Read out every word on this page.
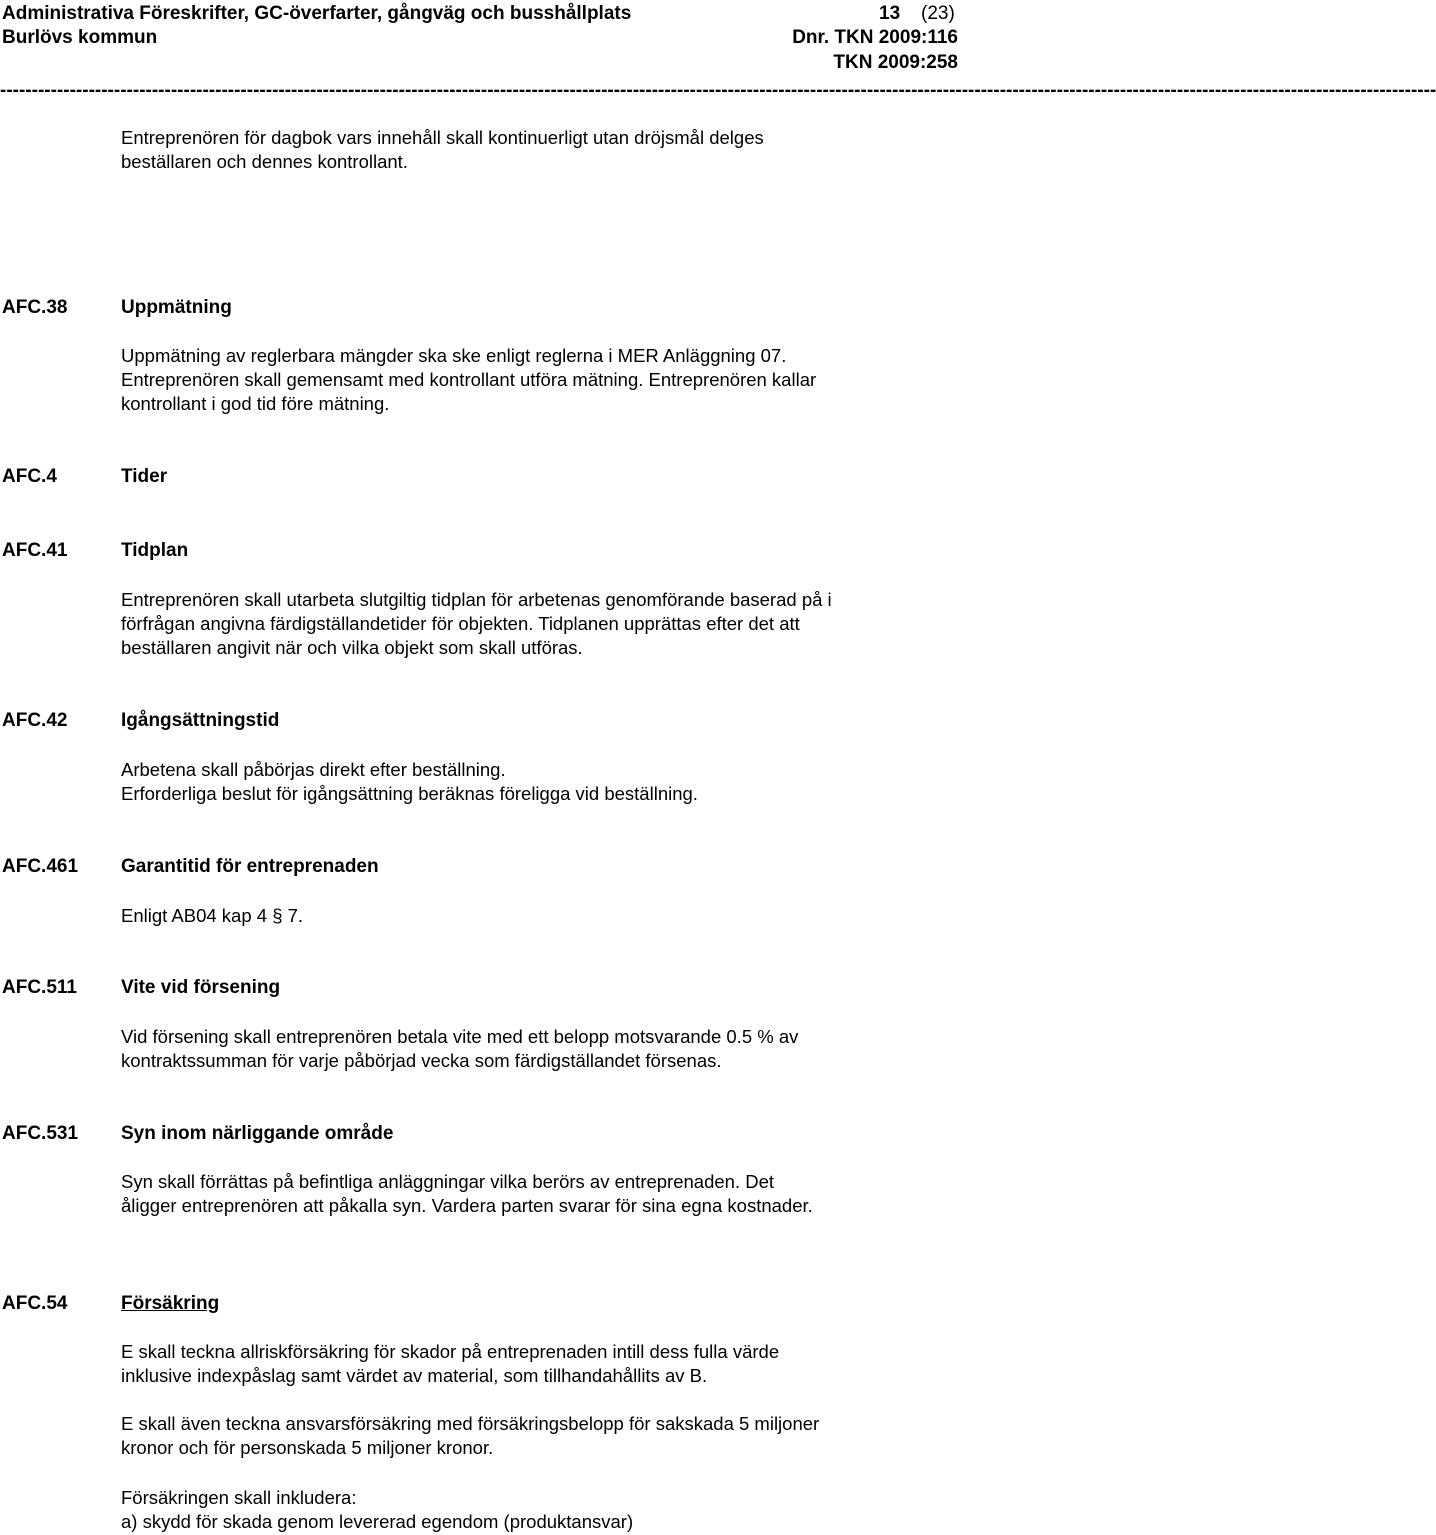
Administrativa Föreskrifter, GC-överfarter, gångväg och busshållplats	13 (23)
Burlövs kommun	Dnr. TKN 2009:116
TKN 2009:258
-----------------------------------------------------------------------------------------------------------------------------------------------------------------------------------------------------------------------------------
Entreprenören för dagbok vars innehåll skall kontinuerligt utan dröjsmål delges
beställaren och dennes kontrollant.
AFC.38	Uppmätning
Uppmätning av reglerbara mängder ska ske enligt reglerna i MER Anläggning 07.
Entreprenören skall gemensamt med kontrollant utföra mätning. Entreprenören kallar
kontrollant i god tid före mätning.
AFC.4	Tider
AFC.41	Tidplan
Entreprenören skall utarbeta slutgiltig tidplan för arbetenas genomförande baserad på i
förfrågan angivna färdigställandetider för objekten. Tidplanen upprättas efter det att
beställaren angivit när och vilka objekt som skall utföras.
AFC.42	Igångsättningstid
Arbetena skall påbörjas direkt efter beställning.
Erforderliga beslut för igångsättning beräknas föreligga vid beställning.
AFC.461 Garantitid för entreprenaden
Enligt AB04 kap 4 § 7.
AFC.511 Vite vid försening
Vid försening skall entreprenören betala vite med ett belopp motsvarande 0.5 % av
kontraktssumman för varje påbörjad vecka som färdigställandet försenas.
AFC.531 Syn inom närliggande område
Syn skall förrättas på befintliga anläggningar vilka berörs av entreprenaden. Det
åligger entreprenören att påkalla syn. Vardera parten svarar för sina egna kostnader.
AFC.54	Försäkring
E skall teckna allriskförsäkring för skador på entreprenaden intill dess fulla värde
inklusive indexpåslag samt värdet av material, som tillhandahållits av B.
E skall även teckna ansvarsförsäkring med försäkringsbelopp för sakskada 5 miljoner
kronor och för personskada 5 miljoner kronor.
Försäkringen skall inkludera:
a) skydd för skada genom levererad egendom (produktansvar)
